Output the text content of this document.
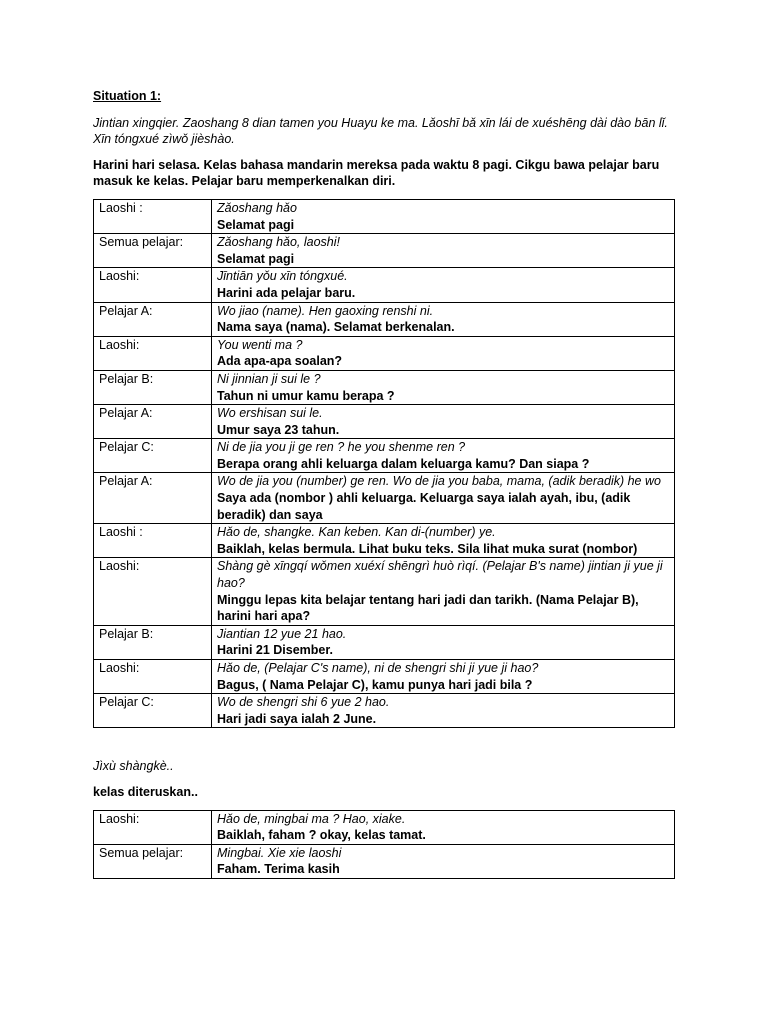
Situation 1:
Jintian xingqier. Zaoshang 8 dian tamen you Huayu ke ma. Lǎoshī bǎ xīn lái de xuéshēng dài dào bān lǐ. Xīn tóngxué zìwǒ jièshào.
Harini hari selasa. Kelas bahasa mandarin mereksa pada waktu 8 pagi. Cikgu bawa pelajar baru masuk ke kelas. Pelajar baru memperkenalkan diri.
Laoshi :	Zǎoshang hǎo
Selamat pagi

Semua pelajar:	Zǎoshang hǎo, laoshi!
Selamat pagi

Laoshi:	Jīntiān yǒu xīn tóngxué.
Harini ada pelajar baru.

Pelajar A:	Wo jiao (name). Hen gaoxing renshi ni.
Nama saya (nama). Selamat berkenalan.

Laoshi:	You wenti ma ?
Ada apa-apa soalan?

Pelajar B:	Ni jinnian ji sui le ?
Tahun ni umur kamu berapa ?

Pelajar A:	Wo ershisan sui le.
Umur saya 23 tahun.

Pelajar C:	Ni de jia you ji ge ren ? he you shenme ren ?
Berapa orang ahli keluarga dalam keluarga kamu? Dan siapa ?

Pelajar A:	Wo de jia you (number) ge ren. Wo de jia you baba, mama, (adik beradik) he wo
Saya ada (nombor ) ahli keluarga. Keluarga saya ialah ayah, ibu, (adik beradik) dan saya

Laoshi :	Hǎo de, shangke. Kan keben. Kan di-(number) ye.
Baiklah, kelas bermula. Lihat buku teks. Sila lihat muka surat (nombor)

Laoshi:	Shàng gè xīngqí wǒmen xuéxí shēngrì huò rìqí. (Pelajar B's name) jintian ji yue ji hao?
Minggu lepas kita belajar tentang hari jadi dan tarikh. (Nama Pelajar B), harini hari apa?

Pelajar B:	Jiantian 12 yue 21 hao.
Harini 21 Disember.

Laoshi:	Hǎo de, (Pelajar C's name), ni de shengri shi ji yue ji hao?
Bagus, ( Nama Pelajar C), kamu punya hari jadi bila ?

Pelajar C:	Wo de shengri shi 6 yue 2 hao.
Hari jadi saya ialah 2 June.
Jìxù shàngkè..
kelas diteruskan..
Laoshi:	Hǎo de, mingbai ma ? Hao, xiake.
Baiklah, faham ? okay, kelas tamat.

Semua pelajar:	Mingbai. Xie xie laoshi
Faham. Terima kasih
